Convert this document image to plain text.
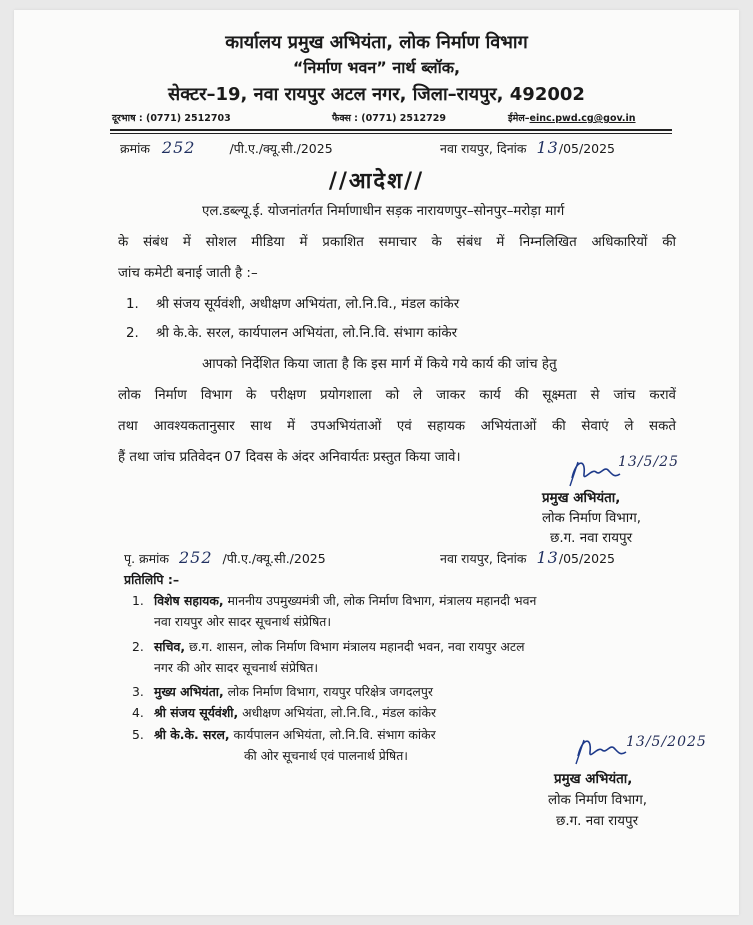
कार्यालय प्रमुख अभियंता, लोक निर्माण विभाग
“निर्माण भवन” नार्थ ब्लॉक,
सेक्टर–19, नवा रायपुर अटल नगर, जिला–रायपुर, 492002
दूरभाष : (0771) 2512703	फैक्स : (0771) 2512729	ईमेल–einc.pwd.cg@gov.in
क्रमांक 252	/पी.ए./क्यू.सी./2025	नवा रायपुर, दिनांक 13/05/2025
//आदेश//
एल.डब्ल्यू.ई. योजनांतर्गत निर्माणाधीन सड़क नारायणपुर–सोनपुर–मरोड़ा मार्ग
के संबंध में सोशल मीडिया में प्रकाशित समाचार के संबंध में निम्नलिखित अधिकारियों की
जांच कमेटी बनाई जाती है :–
1. श्री संजय सूर्यवंशी, अधीक्षण अभियंता, लो.नि.वि., मंडल कांकेर
2. श्री के.के. सरल, कार्यपालन अभियंता, लो.नि.वि. संभाग कांकेर
आपको निर्देशित किया जाता है कि इस मार्ग में किये गये कार्य की जांच हेतु
लोक निर्माण विभाग के परीक्षण प्रयोगशाला को ले जाकर कार्य की सूक्ष्मता से जांच करावें
तथा आवश्यकतानुसार साथ में उपअभियंताओं एवं सहायक अभियंताओं की सेवाएं ले सकते
हैं तथा जांच प्रतिवेदन 07 दिवस के अंदर अनिवार्यतः प्रस्तुत किया जावे।	13/5/25
प्रमुख अभियंता,
लोक निर्माण विभाग,
छ.ग. नवा रायपुर
पृ. क्रमांक 252 /पी.ए./क्यू.सी./2025	नवा रायपुर, दिनांक 13/05/2025
प्रतिलिपि :–
1. विशेष सहायक, माननीय उपमुख्यमंत्री जी, लोक निर्माण विभाग, मंत्रालय महानदी भवन
नवा रायपुर ओर सादर सूचनार्थ संप्रेषित।
2. सचिव, छ.ग. शासन, लोक निर्माण विभाग मंत्रालय महानदी भवन, नवा रायपुर अटल
नगर की ओर सादर सूचनार्थ संप्रेषित।
3. मुख्य अभियंता, लोक निर्माण विभाग, रायपुर परिक्षेत्र जगदलपुर
4. श्री संजय सूर्यवंशी, अधीक्षण अभियंता, लो.नि.वि., मंडल कांकेर
5. श्री के.के. सरल, कार्यपालन अभियंता, लो.नि.वि. संभाग कांकेर
की ओर सूचनार्थ एवं पालनार्थ प्रेषित।
13/5/2025
प्रमुख अभियंता,
लोक निर्माण विभाग,
छ.ग. नवा रायपुर
